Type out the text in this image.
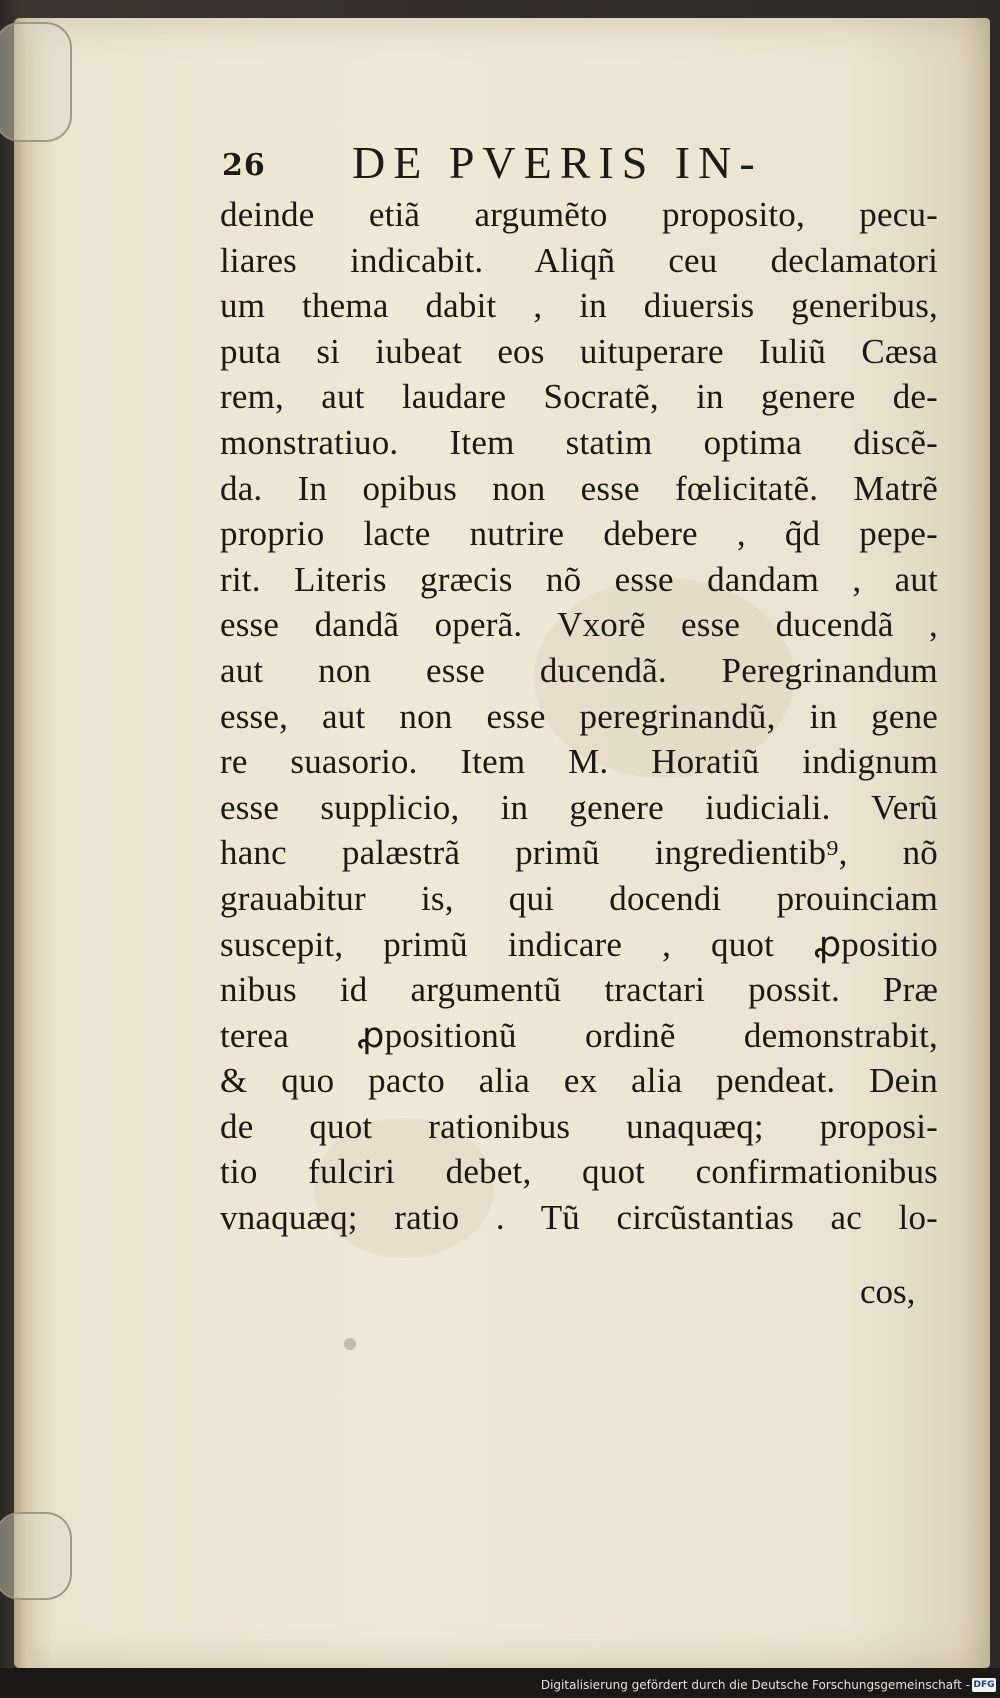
26 DE PVERIS IN-
deinde etiã argumẽto proposito, pecu-
liares indicabit. Aliqñ ceu declamatori
um thema dabit , in diuersis generibus,
puta si iubeat eos uituperare Iuliũ Cæsa
rem, aut laudare Socratẽ, in genere de-
monstratiuo. Item statim optima discẽ-
da. In opibus non esse fœlicitatẽ. Matrẽ
proprio lacte nutrire debere , q̃d pepe-
rit. Literis græcis nõ esse dandam , aut
esse dandã operã. Vxorẽ esse ducendã ,
aut non esse ducendã. Peregrinandum
esse, aut non esse peregrinandũ, in gene
re suasorio. Item M. Horatiũ indignum
esse supplicio, in genere iudiciali. Verũ
hanc palæstrã primũ ingredientib⁹, nõ
grauabitur is, qui docendi prouinciam
suscepit, primũ indicare , quot ꝓpositio
nibus id argumentũ tractari possit. Præ
terea ꝓpositionũ ordinẽ demonstrabit,
& quo pacto alia ex alia pendeat. Dein
de quot rationibus unaquæq; proposi-
tio fulciri debet, quot confirmationibus
vnaquæq; ratio . Tũ circũstantias ac lo-
cos,
Digitalisierung gefördert durch die Deutsche Forschungsgemeinschaft - DFG
